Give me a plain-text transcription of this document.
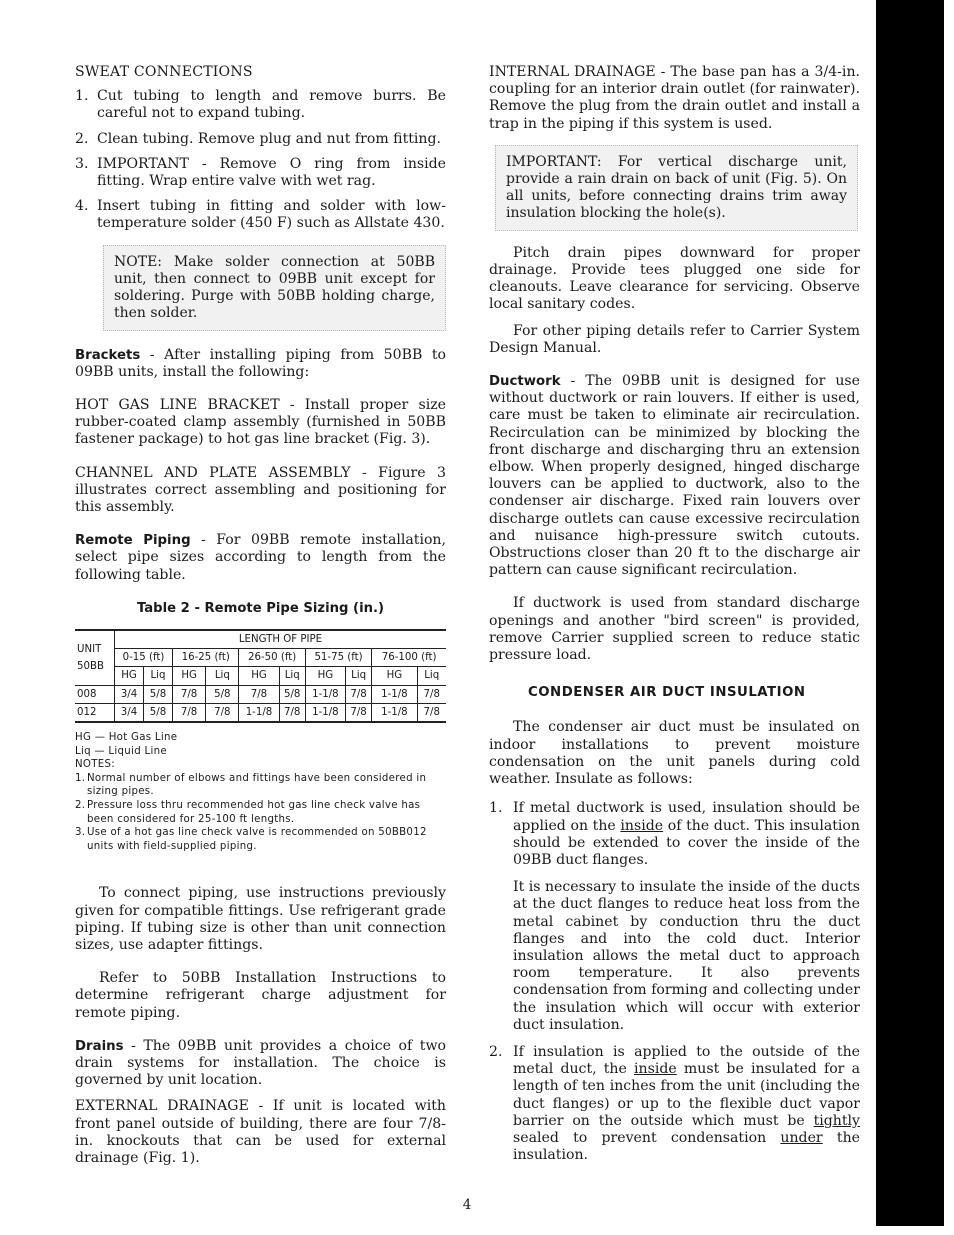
SWEAT CONNECTIONS

1. Cut tubing to length and remove burrs. Be careful not to expand tubing.
2. Clean tubing. Remove plug and nut from fitting.
3. IMPORTANT - Remove O ring from inside fitting. Wrap entire valve with wet rag.
4. Insert tubing in fitting and solder with low-temperature solder (450 F) such as Allstate 430.
NOTE: Make solder connection at 50BB unit, then connect to 09BB unit except for soldering. Purge with 50BB holding charge, then solder.

Brackets - After installing piping from 50BB to 09BB units, install the following:

HOT GAS LINE BRACKET - Install proper size rubber-coated clamp assembly (furnished in 50BB fastener package) to hot gas line bracket (Fig. 3).

CHANNEL AND PLATE ASSEMBLY - Figure 3 illustrates correct assembling and positioning for this assembly.

Remote Piping - For 09BB remote installation, select pipe sizes according to length from the following table.

Table 2 - Remote Pipe Sizing (in.)
UNIT
50BB	LENGTH OF PIPE									
	0-15 (ft)		16-25 (ft)		26-50 (ft)		51-75 (ft)		76-100 (ft)	
	HG	Liq	HG	Liq	HG	Liq	HG	Liq	HG	Liq
008	3/4	5/8	7/8	5/8	7/8	5/8	1-1/8	7/8	1-1/8	7/8
012	3/4	5/8	7/8	7/8	1-1/8	7/8	1-1/8	7/8	1-1/8	7/8
HG — Hot Gas Line
Liq — Liquid Line
NOTES:
1. Normal number of elbows and fittings have been considered in sizing pipes.
2. Pressure loss thru recommended hot gas line check valve has been considered for 25-100 ft lengths.
3. Use of a hot gas line check valve is recommended on 50BB012 units with field-supplied piping.

To connect piping, use instructions previously given for compatible fittings. Use refrigerant grade piping. If tubing size is other than unit connection sizes, use adapter fittings.

Refer to 50BB Installation Instructions to determine refrigerant charge adjustment for remote piping.

Drains - The 09BB unit provides a choice of two drain systems for installation. The choice is governed by unit location.

EXTERNAL DRAINAGE - If unit is located with front panel outside of building, there are four 7/8-in. knockouts that can be used for external drainage (Fig. 1).

INTERNAL DRAINAGE - The base pan has a 3/4-in. coupling for an interior drain outlet (for rainwater). Remove the plug from the drain outlet and install a trap in the piping if this system is used.

IMPORTANT: For vertical discharge unit, provide a rain drain on back of unit (Fig. 5). On all units, before connecting drains trim away insulation blocking the hole(s).

Pitch drain pipes downward for proper drainage. Provide tees plugged one side for cleanouts. Leave clearance for servicing. Observe local sanitary codes.

For other piping details refer to Carrier System Design Manual.

Ductwork - The 09BB unit is designed for use without ductwork or rain louvers. If either is used, care must be taken to eliminate air recirculation. Recirculation can be minimized by blocking the front discharge and discharging thru an extension elbow. When properly designed, hinged discharge louvers can be applied to ductwork, also to the condenser air discharge. Fixed rain louvers over discharge outlets can cause excessive recirculation and nuisance high-pressure switch cutouts. Obstructions closer than 20 ft to the discharge air pattern can cause significant recirculation.

If ductwork is used from standard discharge openings and another "bird screen" is provided, remove Carrier supplied screen to reduce static pressure load.

CONDENSER AIR DUCT INSULATION

The condenser air duct must be insulated on indoor installations to prevent moisture condensation on the unit panels during cold weather. Insulate as follows:

1. If metal ductwork is used, insulation should be applied on the inside of the duct. This insulation should be extended to cover the inside of the 09BB duct flanges.

It is necessary to insulate the inside of the ducts at the duct flanges to reduce heat loss from the metal cabinet by conduction thru the duct flanges and into the cold duct. Interior insulation allows the metal duct to approach room temperature. It also prevents condensation from forming and collecting under the insulation which will occur with exterior duct insulation.

2. If insulation is applied to the outside of the metal duct, the inside must be insulated for a length of ten inches from the unit (including the duct flanges) or up to the flexible duct vapor barrier on the outside which must be tightly sealed to prevent condensation under the insulation.

4
